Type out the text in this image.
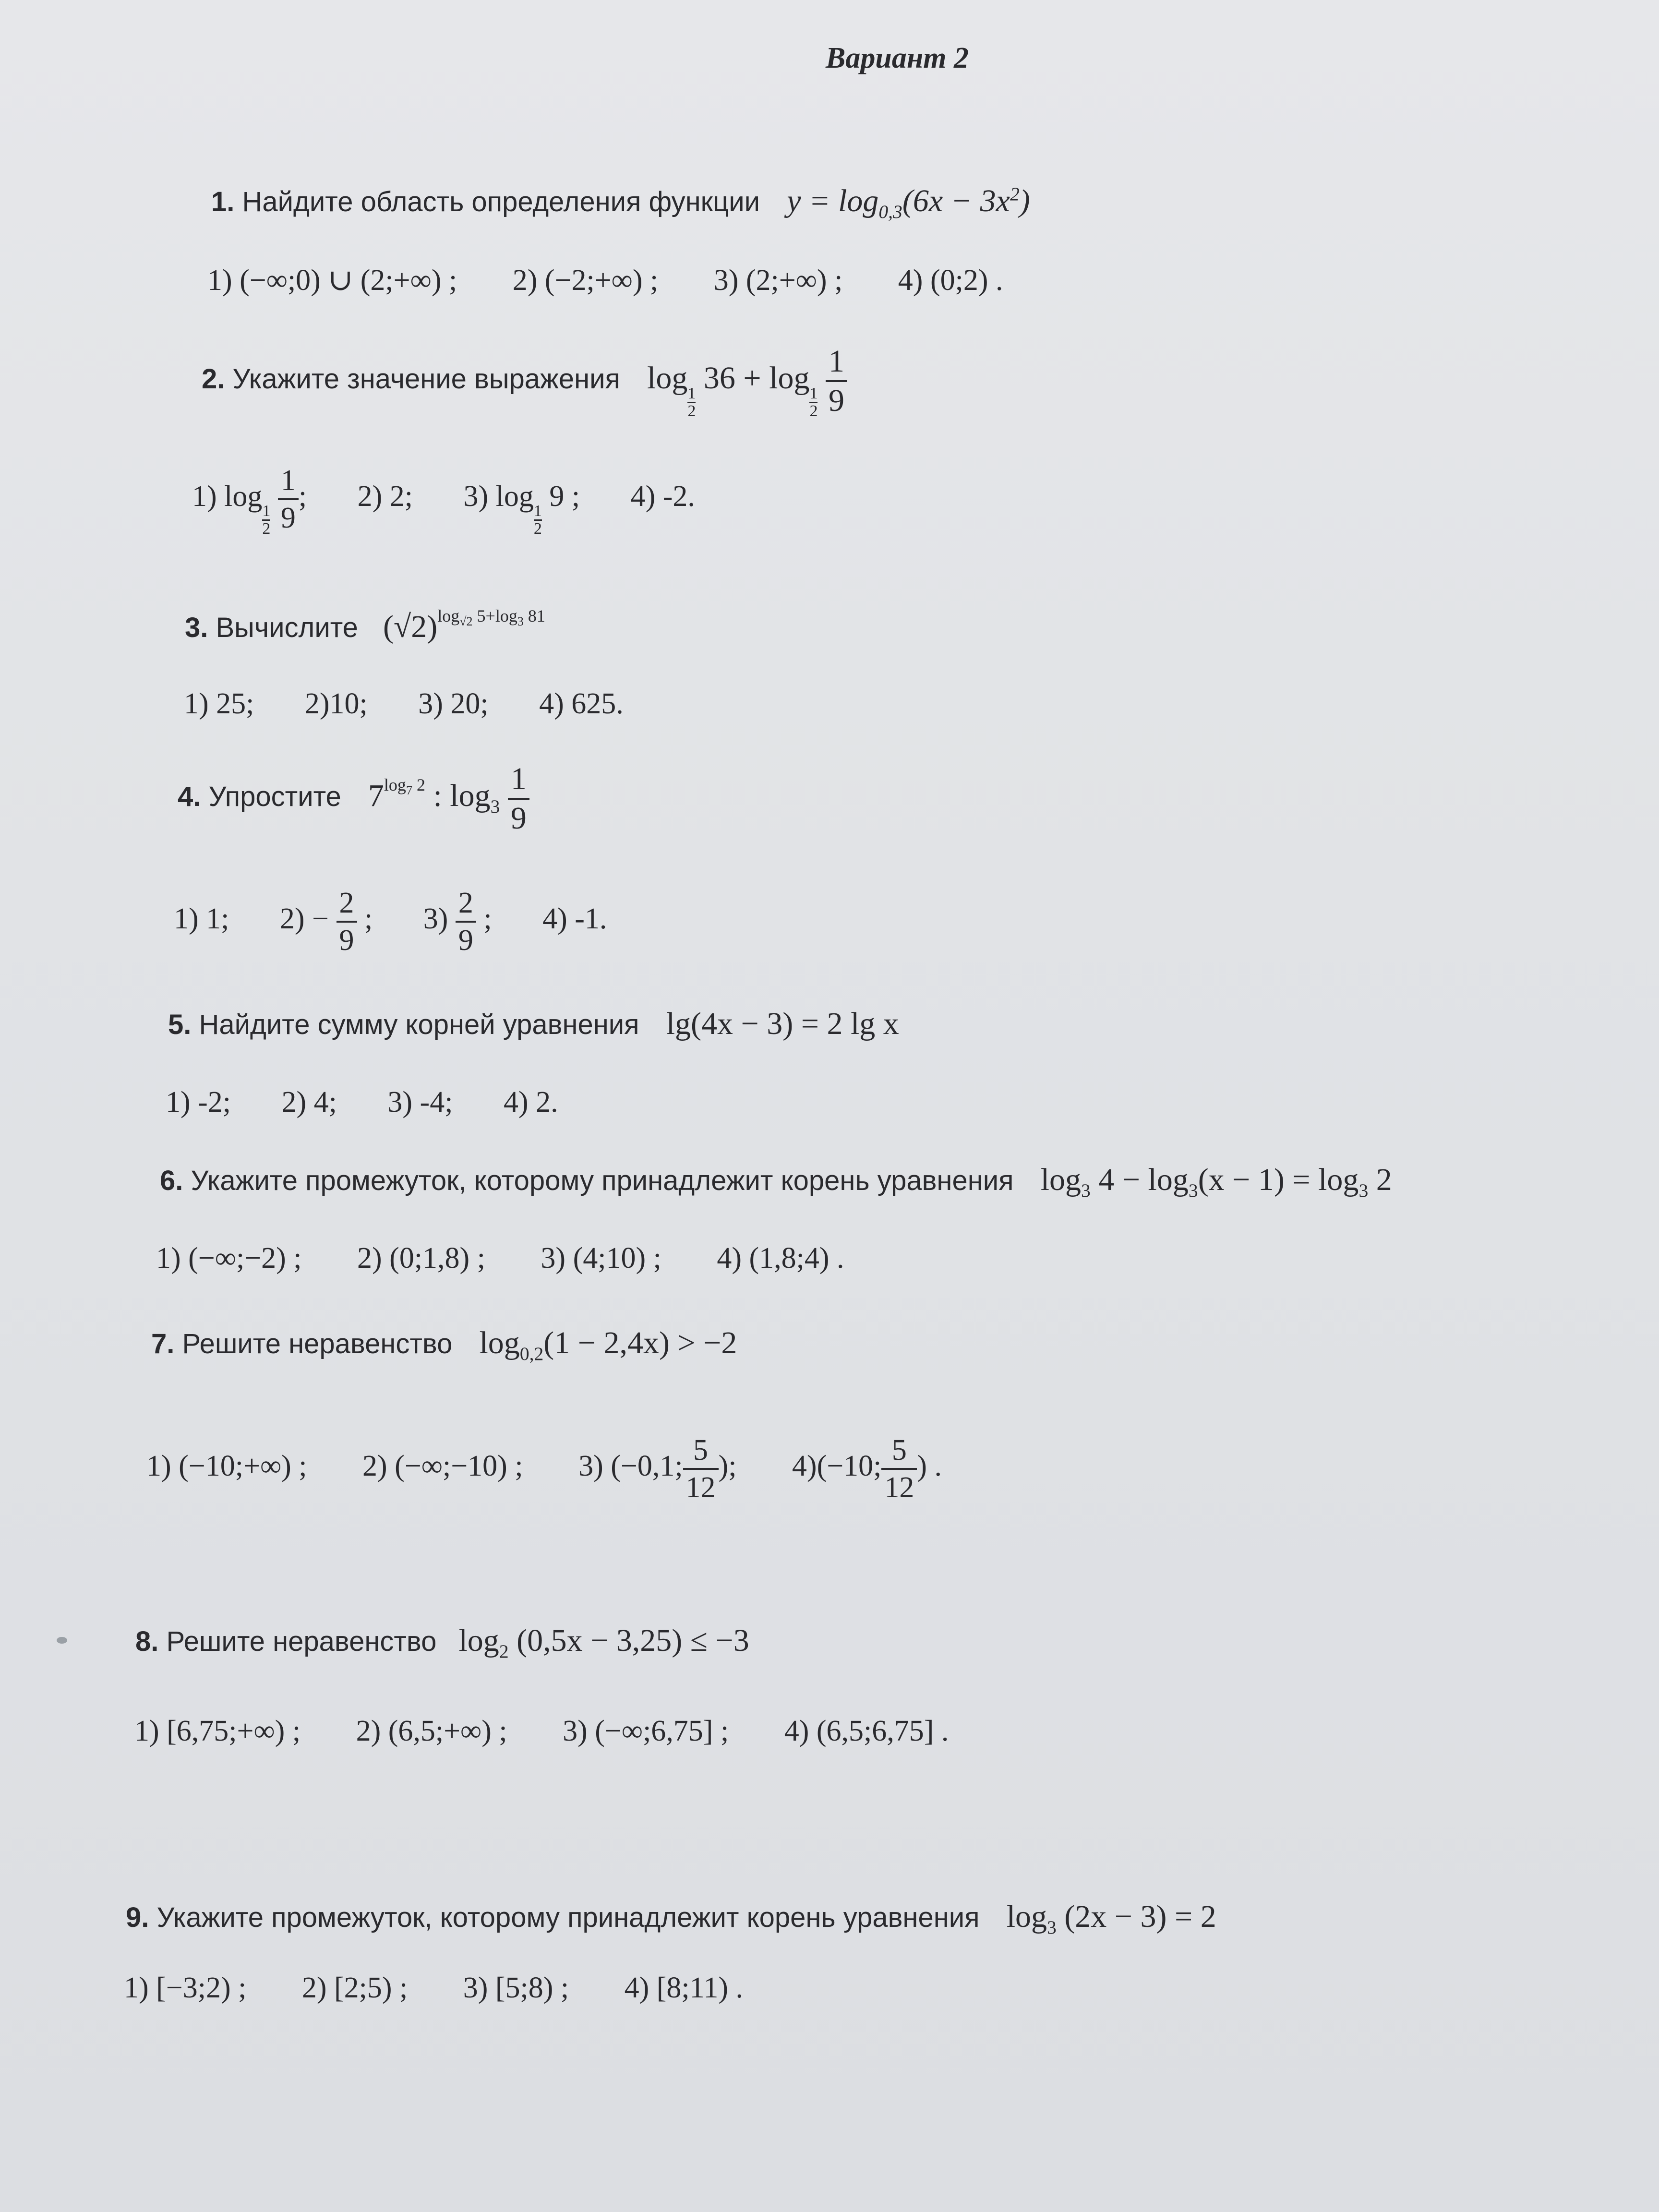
Вариант 2
1. Найдите область определения функции $y = \log_{0,3}(6x - 3x^2)$
1) (−∞;0) ∪ (2;+∞) ; 2) (−2;+∞) ; 3) (2;+∞) ; 4) (0;2) .
2. Укажите значение выражения log
$\frac{1}{2}$
36 + log
$\frac{1}{2}$
$\frac{1}{9}$
1) log
$\frac{1}{2}$
$\frac{1}{9}$ ; 2) 2; 3) log
$\frac{1}{2}$
9 ; 4) -2.
3. Вычислите $(√2)^{log_{√2} 5+log_3 81}$
1) 25; 2)10; 3) 20; 4) 625.
4. Упростите $7^{log_7 2}$ : $\log_3 \frac{1}{9}$
1) 1; $2) - \frac{2}{9}$ ; $3) \frac{2}{9}$ ; 4) -1.
5. Найдите сумму корней уравнения lg(4x − 3) = 2 lg x
1) -2; 2) 4; 3) -4; 4) 2.
6. Укажите промежуток, которому принадлежит корень уравнения $\log_3 4 - \log_3(x - 1) = \log_3 2$
1) (−∞;−2) ; 2) (0;1,8) ; 3) (4;10) ; 4) (1,8;4) .
7. Решите неравенство $\log_{0,2}(1 - 2,4x) > -2$
1) (−10;+∞) ; 2) (−∞;−10) ; 3) (−0,1; $\frac{5}{12}$ ); 4)(−10; $\frac{5}{12}$ ) .
8. Решите неравенство $\log_2 (0,5x - 3,25) \le -3$
1) [6,75;+∞) ; 2) (6,5;+∞) ; 3) (−∞;6,75] ; 4) (6,5;6,75] .
9. Укажите промежуток, которому принадлежит корень уравнения $\log_3 (2x - 3) = 2$
1) [−3;2) ; 2) [2;5) ; 3) [5;8) ; 4) [8;11) .
